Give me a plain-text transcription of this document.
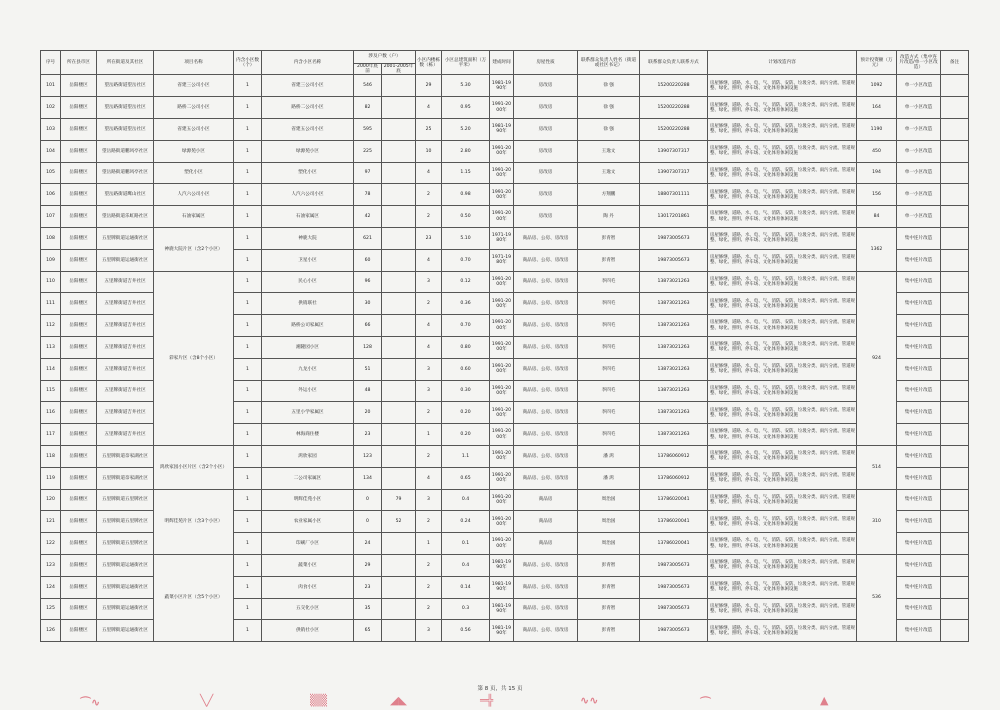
序号	所在县市区	所在街道及其社区	项目名称	内含小区数（个）	内含小区名称	涉及户数（户）		小区内楼栋数（栋）	小区总建筑面积（万平米）	建成时间	房屋性质	联系群众负责人姓名（街道或社区书记）	联系群众负责人联系方式	计划改造内容	预计投资额（万元）	改造方式（集中连片改造/单一小区改造）	备注
						2000年底前	2001-2005年底										
101	岳阳楼区	望岳路街道望岳社区	省建三公司小区	1	省建三公司小区	546		29	5.30	1981-1990年	房改房	徐 强	15200220288	房屋修缮，道路、水、电、气、消防、安防、垃圾分类、雨污分流、管道规整、绿化、照明、停车场、文化体育体闲设施	1092	单一小区改造	
102	岳阳楼区	望岳路街道望岳社区	路桥二公司小区	1	路桥二公司小区	82		4	0.95	1991-2000年	房改房	徐 强	15200220288	房屋修缮，道路、水、电、气、消防、安防、垃圾分类、雨污分流、管道规整、绿化、照明、停车场、文化体育体闲设施	164	单一小区改造	
103	岳阳楼区	望岳路街道望岳社区	省建五公司小区	1	省建五公司小区	595		25	5.20	1981-1990年	房改房	徐 强	15200220288	房屋修缮，道路、水、电、气、消防、安防、垃圾分类、雨污分流、管道规整、绿化、照明、停车场、文化体育体闲设施	1190	单一小区改造	
104	岳阳楼区	望岳路街道鹏风亭社区	绿源苑小区	1	绿源苑小区	225		10	2.80	1991-2000年	房改房	王逸文	13907307317	房屋修缮，道路、水、电、气、消防、安防、垃圾分类、雨污分流、管道规整、绿化、照明、停车场、文化体育体闲设施	450	单一小区改造	
105	岳阳楼区	望岳路街道鹏风亭社区	塑化小区	1	塑化小区	97		4	1.15	1991-2000年	房改房	王逸文	13907307317	房屋修缮，道路、水、电、气、消防、安防、垃圾分类、雨污分流、管道规整、绿化、照明、停车场、文化体育体闲设施	194	单一小区改造	
106	岳阳楼区	望岳路街道鹰山社区	人汽六公司小区	1	人汽六公司小区	78		2	0.98	1991-2000年	房改房	方翔鹏	18807301111	房屋修缮，道路、水、电、气、消防、安防、垃圾分类、雨污分流、管道规整、绿化、照明、停车场、文化体育体闲设施	156	单一小区改造	
107	岳阳楼区	望岳路街道乐虹路社区	石油家属区	1	石油家属区	42		2	0.50	1991-2000年	房改房	陶 丹	13017201861	房屋修缮，道路、水、电、气、消防、安防、垃圾分类、雨污分流、管道规整、绿化、照明、停车场、文化体育体闲设施	84	单一小区改造	
108	岳阳楼区	五里牌街道运通街社区	神鹿大院片区（含2个小区）	1	神鹿大院	621		23	5.10	1971-1980年	商品房、公房、房改房	彭青智	19873005673	房屋修缮，道路、水、电、气、消防、安防、垃圾分类、雨污分流、管道规整、绿化、照明、停车场、文化体育体闲设施	1362	集中连片改造	
109	岳阳楼区	五里牌街道运通街社区		1	卫星小区	60		4	0.70	1971-1980年	商品房、公房、房改房	彭青智	19873005673	房屋修缮，道路、水、电、气、消防、安防、垃圾分类、雨污分流、管道规整、绿化、照明、停车场、文化体育体闲设施		集中连片改造	
110	岳阳楼区	五里牌街道吉井社区	彩家片区（含8个小区）	1	民心小区	96		3	0.12	1991-2000年	商品房、公房、房改房	李四毛	13873021263	房屋修缮，道路、水、电、气、消防、安防、垃圾分类、雨污分流、管道规整、绿化、照明、停车场、文化体育体闲设施	924	集中连片改造	
111	岳阳楼区	五里牌街道吉井社区		1	供销联社	30		2	0.36	1991-2000年	商品房、公房、房改房	李四毛	13873021263	房屋修缮，道路、水、电、气、消防、安防、垃圾分类、雨污分流、管道规整、绿化、照明、停车场、文化体育体闲设施		集中连片改造	
112	岳阳楼区	五里牌街道吉井社区		1	路桥公司家属区	66		4	0.70	1991-2000年	商品房、公房、房改房	李四毛	13873021263	房屋修缮，道路、水、电、气、消防、安防、垃圾分类、雨污分流、管道规整、绿化、照明、停车场、文化体育体闲设施		集中连片改造	
113	岳阳楼区	五里牌街道吉井社区		1	湘隆园小区	128		4	0.80	1991-2000年	商品房、公房、房改房	李四毛	13873021263	房屋修缮，道路、水、电、气、消防、安防、垃圾分类、雨污分流、管道规整、绿化、照明、停车场、文化体育体闲设施		集中连片改造	
114	岳阳楼区	五里牌街道吉井社区		1	九龙小区	51		3	0.60	1991-2000年	商品房、公房、房改房	李四毛	13873021263	房屋修缮，道路、水、电、气、消防、安防、垃圾分类、雨污分流、管道规整、绿化、照明、停车场、文化体育体闲设施		集中连片改造	
115	岳阳楼区	五里牌街道吉井社区		1	外运小区	48		3	0.30	1991-2000年	商品房、公房、房改房	李四毛	13873021263	房屋修缮，道路、水、电、气、消防、安防、垃圾分类、雨污分流、管道规整、绿化、照明、停车场、文化体育体闲设施		集中连片改造	
116	岳阳楼区	五里牌街道吉井社区		1	五里小学家属区	20		2	0.20	1991-2000年	商品房、公房、房改房	李四毛	13873021263	房屋修缮，道路、水、电、气、消防、安防、垃圾分类、雨污分流、管道规整、绿化、照明、停车场、文化体育体闲设施		集中连片改造	
117	岳阳楼区	五里牌街道吉井社区		1	林海商住楼	23		1	0.20	1991-2000年	商品房、公房、房改房	李四毛	13873021263	房屋修缮，道路、水、电、气、消防、安防、垃圾分类、雨污分流、管道规整、绿化、照明、停车场、文化体育体闲设施		集中连片改造	
118	岳阳楼区	五里牌街道奈家湖社区	鸿欣家园小区片区（含2个小区）	1	鸿欣家园	123		2	1.1	1991-2000年	商品房、公房、房改房	潘 鸿	13786060912	房屋修缮，道路、水、电、气、消防、安防、垃圾分类、雨污分流、管道规整、绿化、照明、停车场、文化体育体闲设施	514	集中连片改造	
119	岳阳楼区	五里牌街道奈家湖社区		1	二公司家属区	134		4	0.65	1991-2000年	商品房、公房、房改房	潘 鸿	13786060912	房屋修缮，道路、水、电、气、消防、安防、垃圾分类、雨污分流、管道规整、绿化、照明、停车场、文化体育体闲设施		集中连片改造	
120	岳阳楼区	五里牌街道五里牌社区	明辉佳苑片区（含3个小区）	1	明辉佳苑小区	0	79	3	0.4	1991-2000年	商品房	周治国	13786020041	房屋修缮，道路、水、电、气、消防、安防、垃圾分类、雨污分流、管道规整、绿化、照明、停车场、文化体育体闲设施	310	集中连片改造	
121	岳阳楼区	五里牌街道五里牌社区		1	农业家属小区	0	52	2	0.24	1991-2000年	商品房	周治国	13786020041	房屋修缮，道路、水、电、气、消防、安防、垃圾分类、雨污分流、管道规整、绿化、照明、停车场、文化体育体闲设施		集中连片改造	
122	岳阳楼区	五里牌街道五里牌社区		1	印刷厂小区	24		1	0.1	1991-2000年	商品房	周治国	13786020041	房屋修缮，道路、水、电、气、消防、安防、垃圾分类、雨污分流、管道规整、绿化、照明、停车场、文化体育体闲设施		集中连片改造	
123	岳阳楼区	五里牌街道运通街社区	蔬菜小区片区（含5个小区）	1	蔬菜小区	29		2	0.4	1981-1990年	商品房、公房、房改房	彭青智	19873005673	房屋修缮，道路、水、电、气、消防、安防、垃圾分类、雨污分流、管道规整、绿化、照明、停车场、文化体育体闲设施	536	集中连片改造	
124	岳阳楼区	五里牌街道运通街社区		1	肉食小区	23		2	0.14	1981-1990年	商品房、公房、房改房	彭青智	19873005673	房屋修缮，道路、水、电、气、消防、安防、垃圾分类、雨污分流、管道规整、绿化、照明、停车场、文化体育体闲设施		集中连片改造	
125	岳阳楼区	五里牌街道运通街社区		1	五交化小区	35		2	0.3	1981-1990年	商品房、公房、房改房	彭青智	19873005673	房屋修缮，道路、水、电、气、消防、安防、垃圾分类、雨污分流、管道规整、绿化、照明、停车场、文化体育体闲设施		集中连片改造	
126	岳阳楼区	五里牌街道运通街社区		1	供销社小区	65		3	0.56	1981-1990年	商品房、公房、房改房	彭青智	19873005673	房屋修缮，道路、水、电、气、消防、安防、垃圾分类、雨污分流、管道规整、绿化、照明、停车场、文化体育体闲设施		集中连片改造	
第 8 页，共 15 页
⌒∿	╲╱	▒▒	◢◣	═╬	∿∿	⌒	▲
